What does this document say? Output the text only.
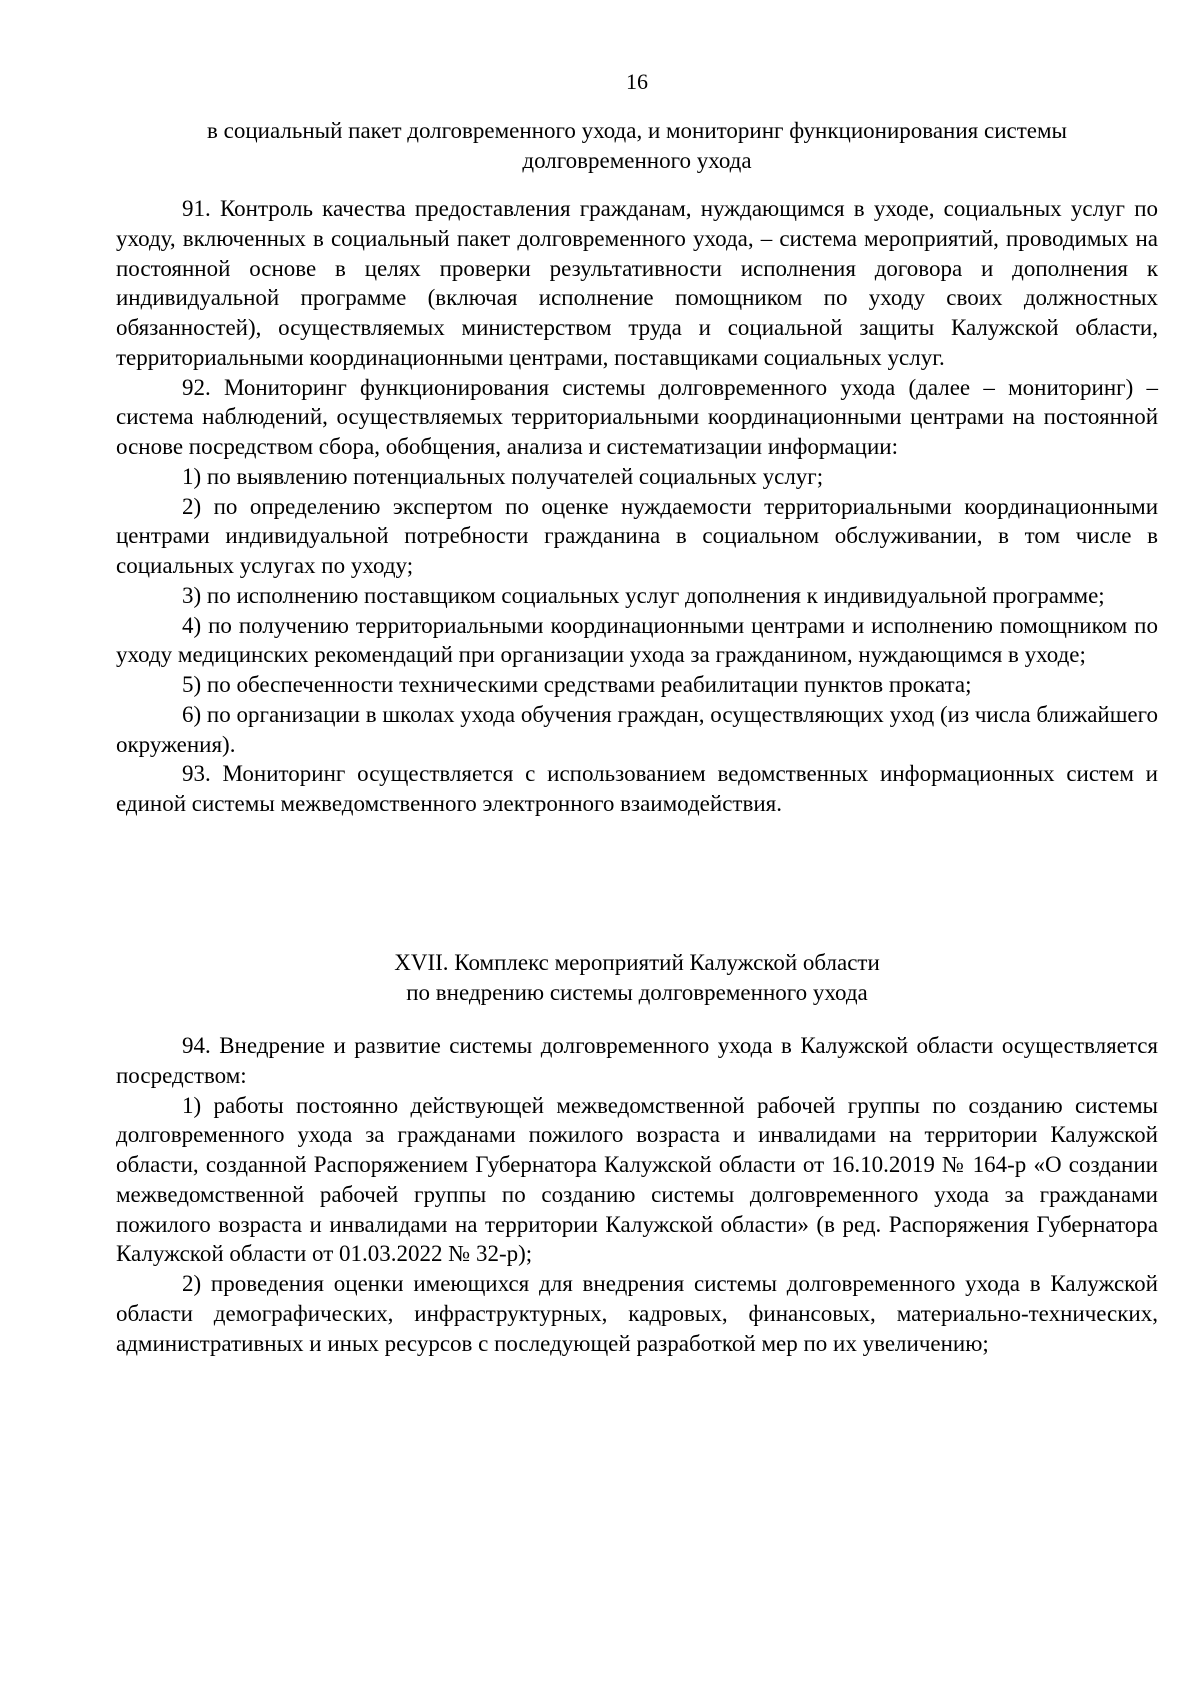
16
в социальный пакет долговременного ухода, и мониторинг функционирования системы
долговременного ухода

91. Контроль качества предоставления гражданам, нуждающимся в уходе, социальных услуг по уходу, включенных в социальный пакет долговременного ухода, – система мероприятий, проводимых на постоянной основе в целях проверки результативности исполнения договора и дополнения к индивидуальной программе (включая исполнение помощником по уходу своих должностных обязанностей), осуществляемых министерством труда и социальной защиты Калужской области, территориальными координационными центрами, поставщиками социальных услуг.

92. Мониторинг функционирования системы долговременного ухода (далее – мониторинг) – система наблюдений, осуществляемых территориальными координационными центрами на постоянной основе посредством сбора, обобщения, анализа и систематизации информации:

1) по выявлению потенциальных получателей социальных услуг;

2) по определению экспертом по оценке нуждаемости территориальными координационными центрами индивидуальной потребности гражданина в социальном обслуживании, в том числе в социальных услугах по уходу;

3) по исполнению поставщиком социальных услуг дополнения к индивидуальной программе;

4) по получению территориальными координационными центрами и исполнению помощником по уходу медицинских рекомендаций при организации ухода за гражданином, нуждающимся в уходе;

5) по обеспеченности техническими средствами реабилитации пунктов проката;

6) по организации в школах ухода обучения граждан, осуществляющих уход (из числа ближайшего окружения).

93. Мониторинг осуществляется с использованием ведомственных информационных систем и единой системы межведомственного электронного взаимодействия.

XVII. Комплекс мероприятий Калужской области
по внедрению системы долговременного ухода

94. Внедрение и развитие системы долговременного ухода в Калужской области осуществляется посредством:

1) работы постоянно действующей межведомственной рабочей группы по созданию системы долговременного ухода за гражданами пожилого возраста и инвалидами на территории Калужской области, созданной Распоряжением Губернатора Калужской области от 16.10.2019 № 164-р «О создании межведомственной рабочей группы по созданию системы долговременного ухода за гражданами пожилого возраста и инвалидами на территории Калужской области» (в ред. Распоряжения Губернатора Калужской области от 01.03.2022 № 32-р);

2) проведения оценки имеющихся для внедрения системы долговременного ухода в Калужской области демографических, инфраструктурных, кадровых, финансовых, материально-технических, административных и иных ресурсов с последующей разработкой мер по их увеличению;
